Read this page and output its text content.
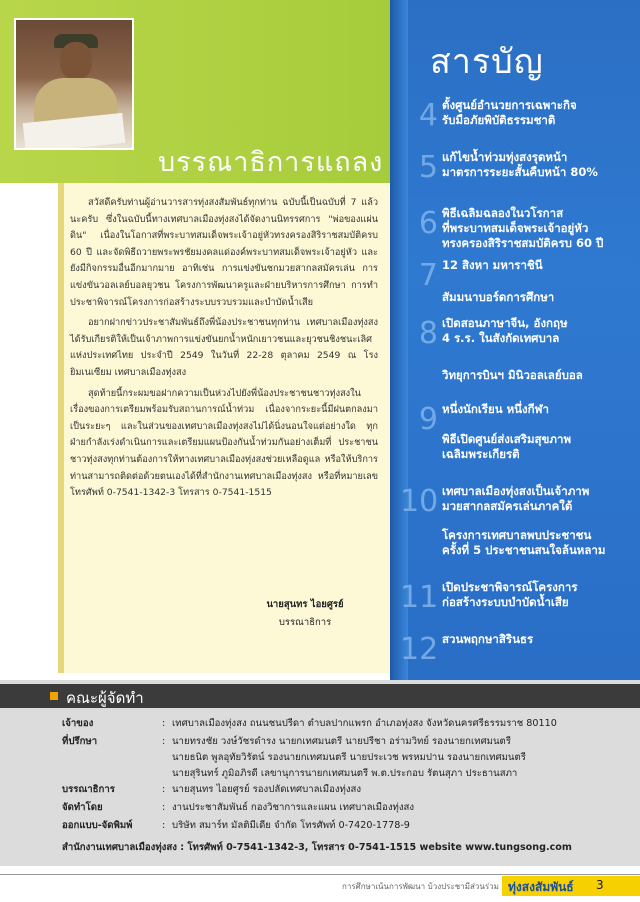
บรรณาธิการแถลง

สวัสดีครับท่านผู้อ่านวารสารทุ่งสงสัมพันธ์ทุกท่าน ฉบับนี้เป็นฉบับที่ 7 แล้วนะครับ ซึ่งในฉบับนี้ทางเทศบาลเมืองทุ่งสงได้จัดงานนิทรรศการ "พ่อของแผ่นดิน" เนื่องในโอกาสที่พระบาทสมเด็จพระเจ้าอยู่หัวทรงครองสิริราชสมบัติครบ 60 ปี และจัดพิธีถวายพระพรชัยมงคลแด่องค์พระบาทสมเด็จพระเจ้าอยู่หัว และยังมีกิจกรรมอื่นอีกมากมาย อาทิเช่น การแข่งขันชกมวยสากลสมัครเล่น การแข่งขันวอลเลย์บอลยุวชน โครงการพัฒนาครูและฝ่ายบริหารการศึกษา การทำประชาพิจารณ์โครงการก่อสร้างระบบรวบรวมและบำบัดน้ำเสีย

อยากฝากข่าวประชาสัมพันธ์ถึงพี่น้องประชาชนทุกท่าน เทศบาลเมืองทุ่งสงได้รับเกียรติให้เป็นเจ้าภาพการแข่งขันยกน้ำหนักเยาวชนและยุวชนชิงชนะเลิศแห่งประเทศไทย ประจำปี 2549 ในวันที่ 22-28 ตุลาคม 2549 ณ โรงยิมเนเซียม เทศบาลเมืองทุ่งสง

สุดท้ายนี้กระผมขอฝากความเป็นห่วงไปยังพี่น้องประชาชนชาวทุ่งสงในเรื่องของการเตรียมพร้อมรับสถานการณ์น้ำท่วม เนื่องจากระยะนี้มีฝนตกลงมาเป็นระยะๆ และในส่วนของเทศบาลเมืองทุ่งสงไม่ได้นิ่งนอนใจแต่อย่างใด ทุกฝ่ายกำลังเร่งดำเนินการและเตรียมแผนป้องกันน้ำท่วมกันอย่างเต็มที่ ประชาชนชาวทุ่งสงทุกท่านต้องการให้ทางเทศบาลเมืองทุ่งสงช่วยเหลือดูแล หรือให้บริการ ท่านสามารถติดต่อด้วยตนเองได้ที่สำนักงานเทศบาลเมืองทุ่งสง หรือที่หมายเลขโทรศัพท์ 0-7541-1342-3 โทรสาร 0-7541-1515

นายสุนทร ไอยศูรย์
บรรณาธิการ
สารบัญ
4 ตั้งศูนย์อำนวยการเฉพาะกิจ
รับมือภัยพิบัติธรรมชาติ
5 แก้ไขน้ำท่วมทุ่งสงรุดหน้า
มาตรการระยะสั้นคืบหน้า 80%
6 พิธีเฉลิมฉลองในวโรกาส
ที่พระบาทสมเด็จพระเจ้าอยู่หัว
ทรงครองสิริราชสมบัติครบ 60 ปี
7 12 สิงหา มหาราชินี
สัมมนาบอร์ดการศึกษา
8 เปิดสอนภาษาจีน, อังกฤษ
4 ร.ร. ในสังกัดเทศบาล
วิทยุการบินฯ มินิวอลเลย์บอล
9 หนึ่งนักเรียน หนึ่งกีฬา
พิธีเปิดศูนย์ส่งเสริมสุขภาพ
เฉลิมพระเกียรติ
10 เทศบาลเมืองทุ่งสงเป็นเจ้าภาพ
มวยสากลสมัครเล่นภาคใต้
โครงการเทศบาลพบประชาชน
ครั้งที่ 5 ประชาชนสนใจล้นหลาม
11 เปิดประชาพิจารณ์โครงการ
ก่อสร้างระบบบำบัดน้ำเสีย
12 สวนพฤกษาสิรินธร
คณะผู้จัดทำ
เจ้าของ	: เทศบาลเมืองทุ่งสง ถนนชนปรีดา ตำบลปากแพรก อำเภอทุ่งสง จังหวัดนครศรีธรรมราช 80110
ที่ปรึกษา	: นายทรงชัย วงษ์วัชรดำรง นายกเทศมนตรี นายปรีชา อร่ามวิทย์ รองนายกเทศมนตรี
นายธนิต พูลอุทัยวิรัตน์ รองนายกเทศมนตรี นายประเวช พรหมปาน รองนายกเทศมนตรี
นายสุรินทร์ ภูมิอภิรดี เลขานุการนายกเทศมนตรี พ.ต.ประกอบ รัตนสุภา ประธานสภา
บรรณาธิการ	: นายสุนทร ไอยศูรย์ รองปลัดเทศบาลเมืองทุ่งสง
จัดทำโดย	: งานประชาสัมพันธ์ กองวิชาการและแผน เทศบาลเมืองทุ่งสง
ออกแบบ-จัดพิมพ์	: บริษัท สมาร์ท มัลติมีเดีย จำกัด โทรศัพท์ 0-7420-1778-9
สำนักงานเทศบาลเมืองทุ่งสง : โทรศัพท์ 0-7541-1342-3, โทรสาร 0-7541-1515 website www.tungsong.com
การศึกษาเน้นการพัฒนา บ้วงประชามีส่วนร่วม ทุ่งสงสัมพันธ์ 3
